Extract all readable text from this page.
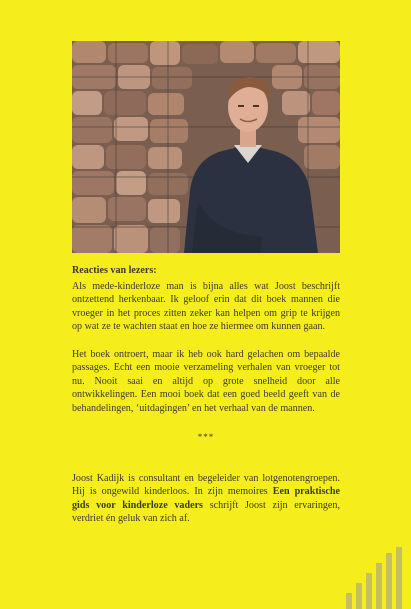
Reacties van lezers:

Als mede-kinderloze man is bijna alles wat Joost beschrijft ontzettend herkenbaar. Ik geloof erin dat dit boek mannen die vroeger in het proces zitten zeker kan helpen om grip te krijgen op wat ze te wachten staat en hoe ze hiermee om kunnen gaan.

Het boek ontroert, maar ik heb ook hard gelachen om bepaalde passages. Echt een mooie verzameling verhalen van vroeger tot nu. Nooit saai en altijd op grote snelheid door alle ontwikkelingen. Een mooi boek dat een goed beeld geeft van de behandelingen, ‘uitdagingen’ en het verhaal van de mannen.

***

Joost Kadijk is consultant en begeleider van lotgenotengroepen. Hij is ongewild kinderloos. In zijn memoires Een praktische gids voor kinderloze vaders schrijft Joost zijn ervaringen, verdriet én geluk van zich af.
